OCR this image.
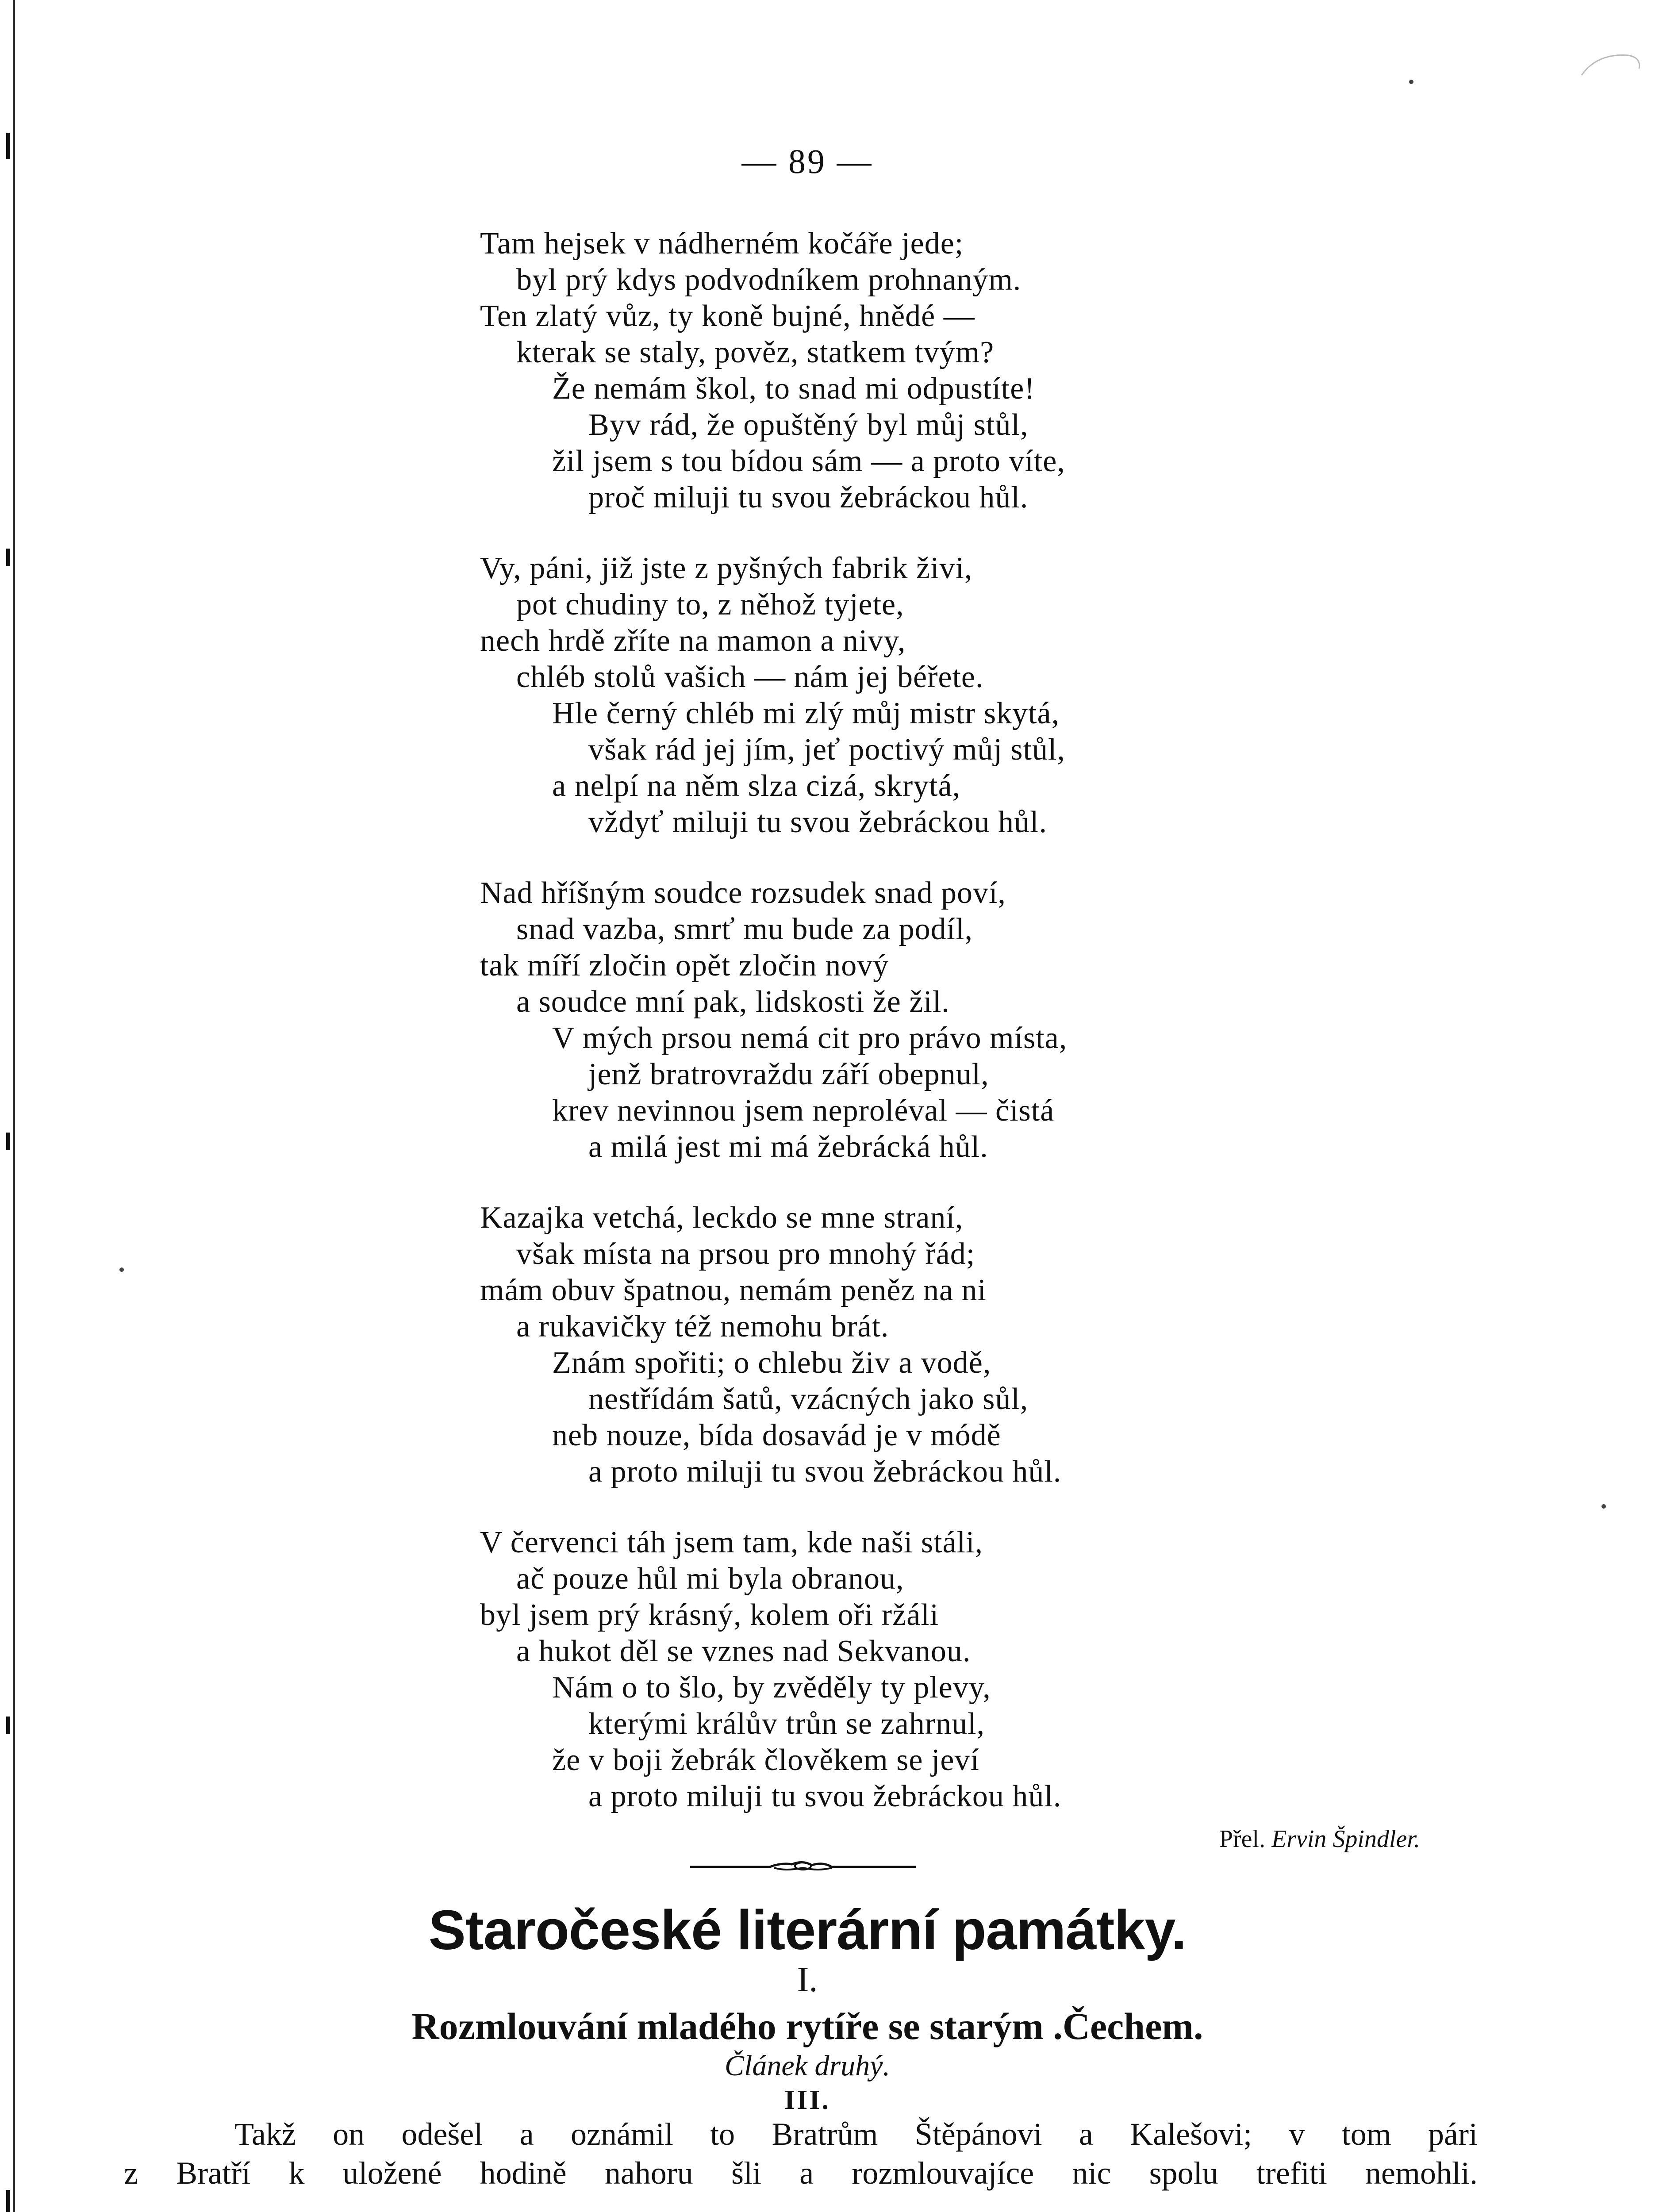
— 89 —
Tam hejsek v nádherném kočáře jede;
byl prý kdys podvodníkem prohnaným.
Ten zlatý vůz, ty koně bujné, hnědé —
kterak se staly, pověz, statkem tvým?
Že nemám škol, to snad mi odpustíte!
Byv rád, že opuštěný byl můj stůl,
žil jsem s tou bídou sám — a proto víte,
proč miluji tu svou žebráckou hůl.
Vy, páni, již jste z pyšných fabrik živi,
pot chudiny to, z něhož tyjete,
nech hrdě zříte na mamon a nivy,
chléb stolů vašich — nám jej béřete.
Hle černý chléb mi zlý můj mistr skytá,
však rád jej jím, jeť poctivý můj stůl,
a nelpí na něm slza cizá, skrytá,
vždyť miluji tu svou žebráckou hůl.
Nad hříšným soudce rozsudek snad poví,
snad vazba, smrť mu bude za podíl,
tak míří zločin opět zločin nový
a soudce mní pak, lidskosti že žil.
V mých prsou nemá cit pro právo místa,
jenž bratrovraždu září obepnul,
krev nevinnou jsem neproléval — čistá
a milá jest mi má žebrácká hůl.
Kazajka vetchá, leckdo se mne straní,
však místa na prsou pro mnohý řád;
mám obuv špatnou, nemám peněz na ni
a rukavičky též nemohu brát.
Znám spořiti; o chlebu živ a vodě,
nestřídám šatů, vzácných jako sůl,
neb nouze, bída dosavád je v módě
a proto miluji tu svou žebráckou hůl.
V červenci táh jsem tam, kde naši stáli,
ač pouze hůl mi byla obranou,
byl jsem prý krásný, kolem oři ržáli
a hukot děl se vznes nad Sekvanou.
Nám o to šlo, by zvěděly ty plevy,
kterými králův trůn se zahrnul,
že v boji žebrák člověkem se jeví
a proto miluji tu svou žebráckou hůl.
Přel. Ervin Špindler.
Staročeské literární památky.
I.
Rozmlouvání mladého rytíře se starým .Čechem.
Článek druhý.
III.
Takž on odešel a oznámil to Bratrům Štěpánovi a Kalešovi; v tom pári
z Bratří k uložené hodině nahoru šli a rozmlouvajíce nic spolu trefiti nemohli.
